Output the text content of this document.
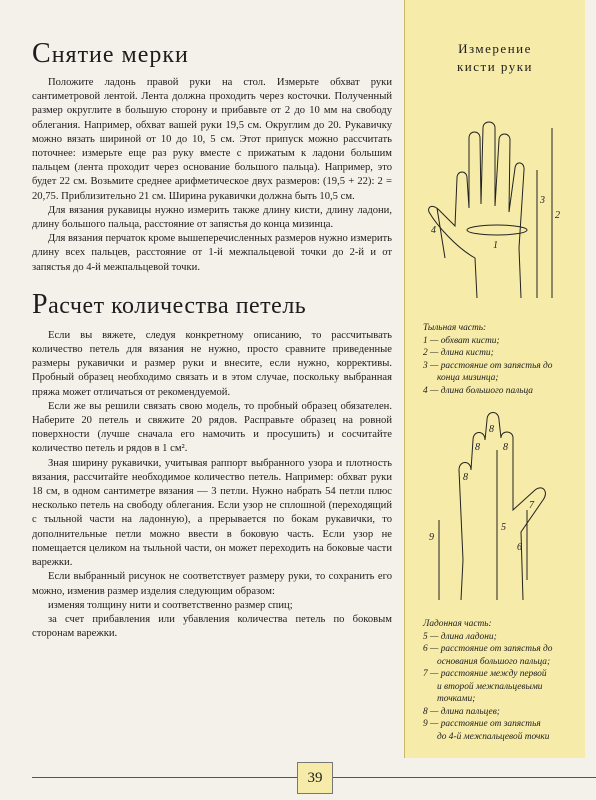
Снятие мерки

Положите ладонь правой руки на стол. Измерьте обхват руки сантиметровой лентой. Лента должна проходить через косточки. Полученный размер округлите в большую сторону и прибавьте от 2 до 10 мм на свободу облегания. Например, обхват вашей руки 19,5 см. Округлим до 20. Рукавичку можно вязать шириной от 10 до 10, 5 см. Этот припуск можно рассчитать поточнее: измерьте еще раз руку вместе с прижатым к ладони большим пальцем (лента проходит через основание большого пальца). Например, это будет 22 см. Возьмите среднее арифметическое двух размеров: (19,5 + 22): 2 = 20,75. Приблизительно 21 см. Ширина рукавички должна быть 10,5 см.

Для вязания рукавицы нужно измерить также длину кисти, длину ладони, длину большого пальца, расстояние от запястья до конца мизинца.

Для вязания перчаток кроме вышеперечисленных размеров нужно измерить длину всех пальцев, расстояние от 1-й межпальцевой точки до 2-й и от запястья до 4-й межпальцевой точки.

Расчет количества петель

Если вы вяжете, следуя конкретному описанию, то рассчитывать количество петель для вязания не нужно, просто сравните приведенные размеры рукавички и размер руки и внесите, если нужно, коррективы. Пробный образец необходимо связать и в этом случае, поскольку выбранная пряжа может отличаться от рекомендуемой.

Если же вы решили связать свою модель, то пробный образец обязателен. Наберите 20 петель и свяжите 20 рядов. Расправьте образец на ровной поверхности (лучше сначала его намочить и просушить) и сосчитайте количество петель и рядов в 1 см².

Зная ширину рукавички, учитывая раппорт выбранного узора и плотность вязания, рассчитайте необходимое количество петель. Например: обхват руки 18 см, в одном сантиметре вязания — 3 петли. Нужно набрать 54 петли плюс несколько петель на свободу облегания. Если узор не сплошной (переходящий с тыльной части на ладонную), а прерывается по бокам рукавички, то дополнительные петли можно ввести в боковую часть. Если узор не помещается целиком на тыльной части, он может переходить на боковые части варежки.

Если выбранный рисунок не соответствует размеру руки, то сохранить его можно, изменив размер изделия следующим образом:

изменяя толщину нити и соответственно размер спиц;

за счет прибавления или убавления количества петель по боковым сторонам варежки.

Измерение
кисти руки
1
2
3
4
Тыльная часть:
1 — обхват кисти;
2 — длина кисти;
3 — расстояние от запястья до
конца мизинца;
4 — длина большого пальца
5
6
7
8
8
8
8
9
Ладонная часть:
5 — длина ладони;
6 — расстояние от запястья до
основания большого пальца;
7 — расстояние между первой
и второй межпальцевыми
точками;
8 — длина пальцев;
9 — расстояние от запястья
до 4-й межпальцевой точки
39
